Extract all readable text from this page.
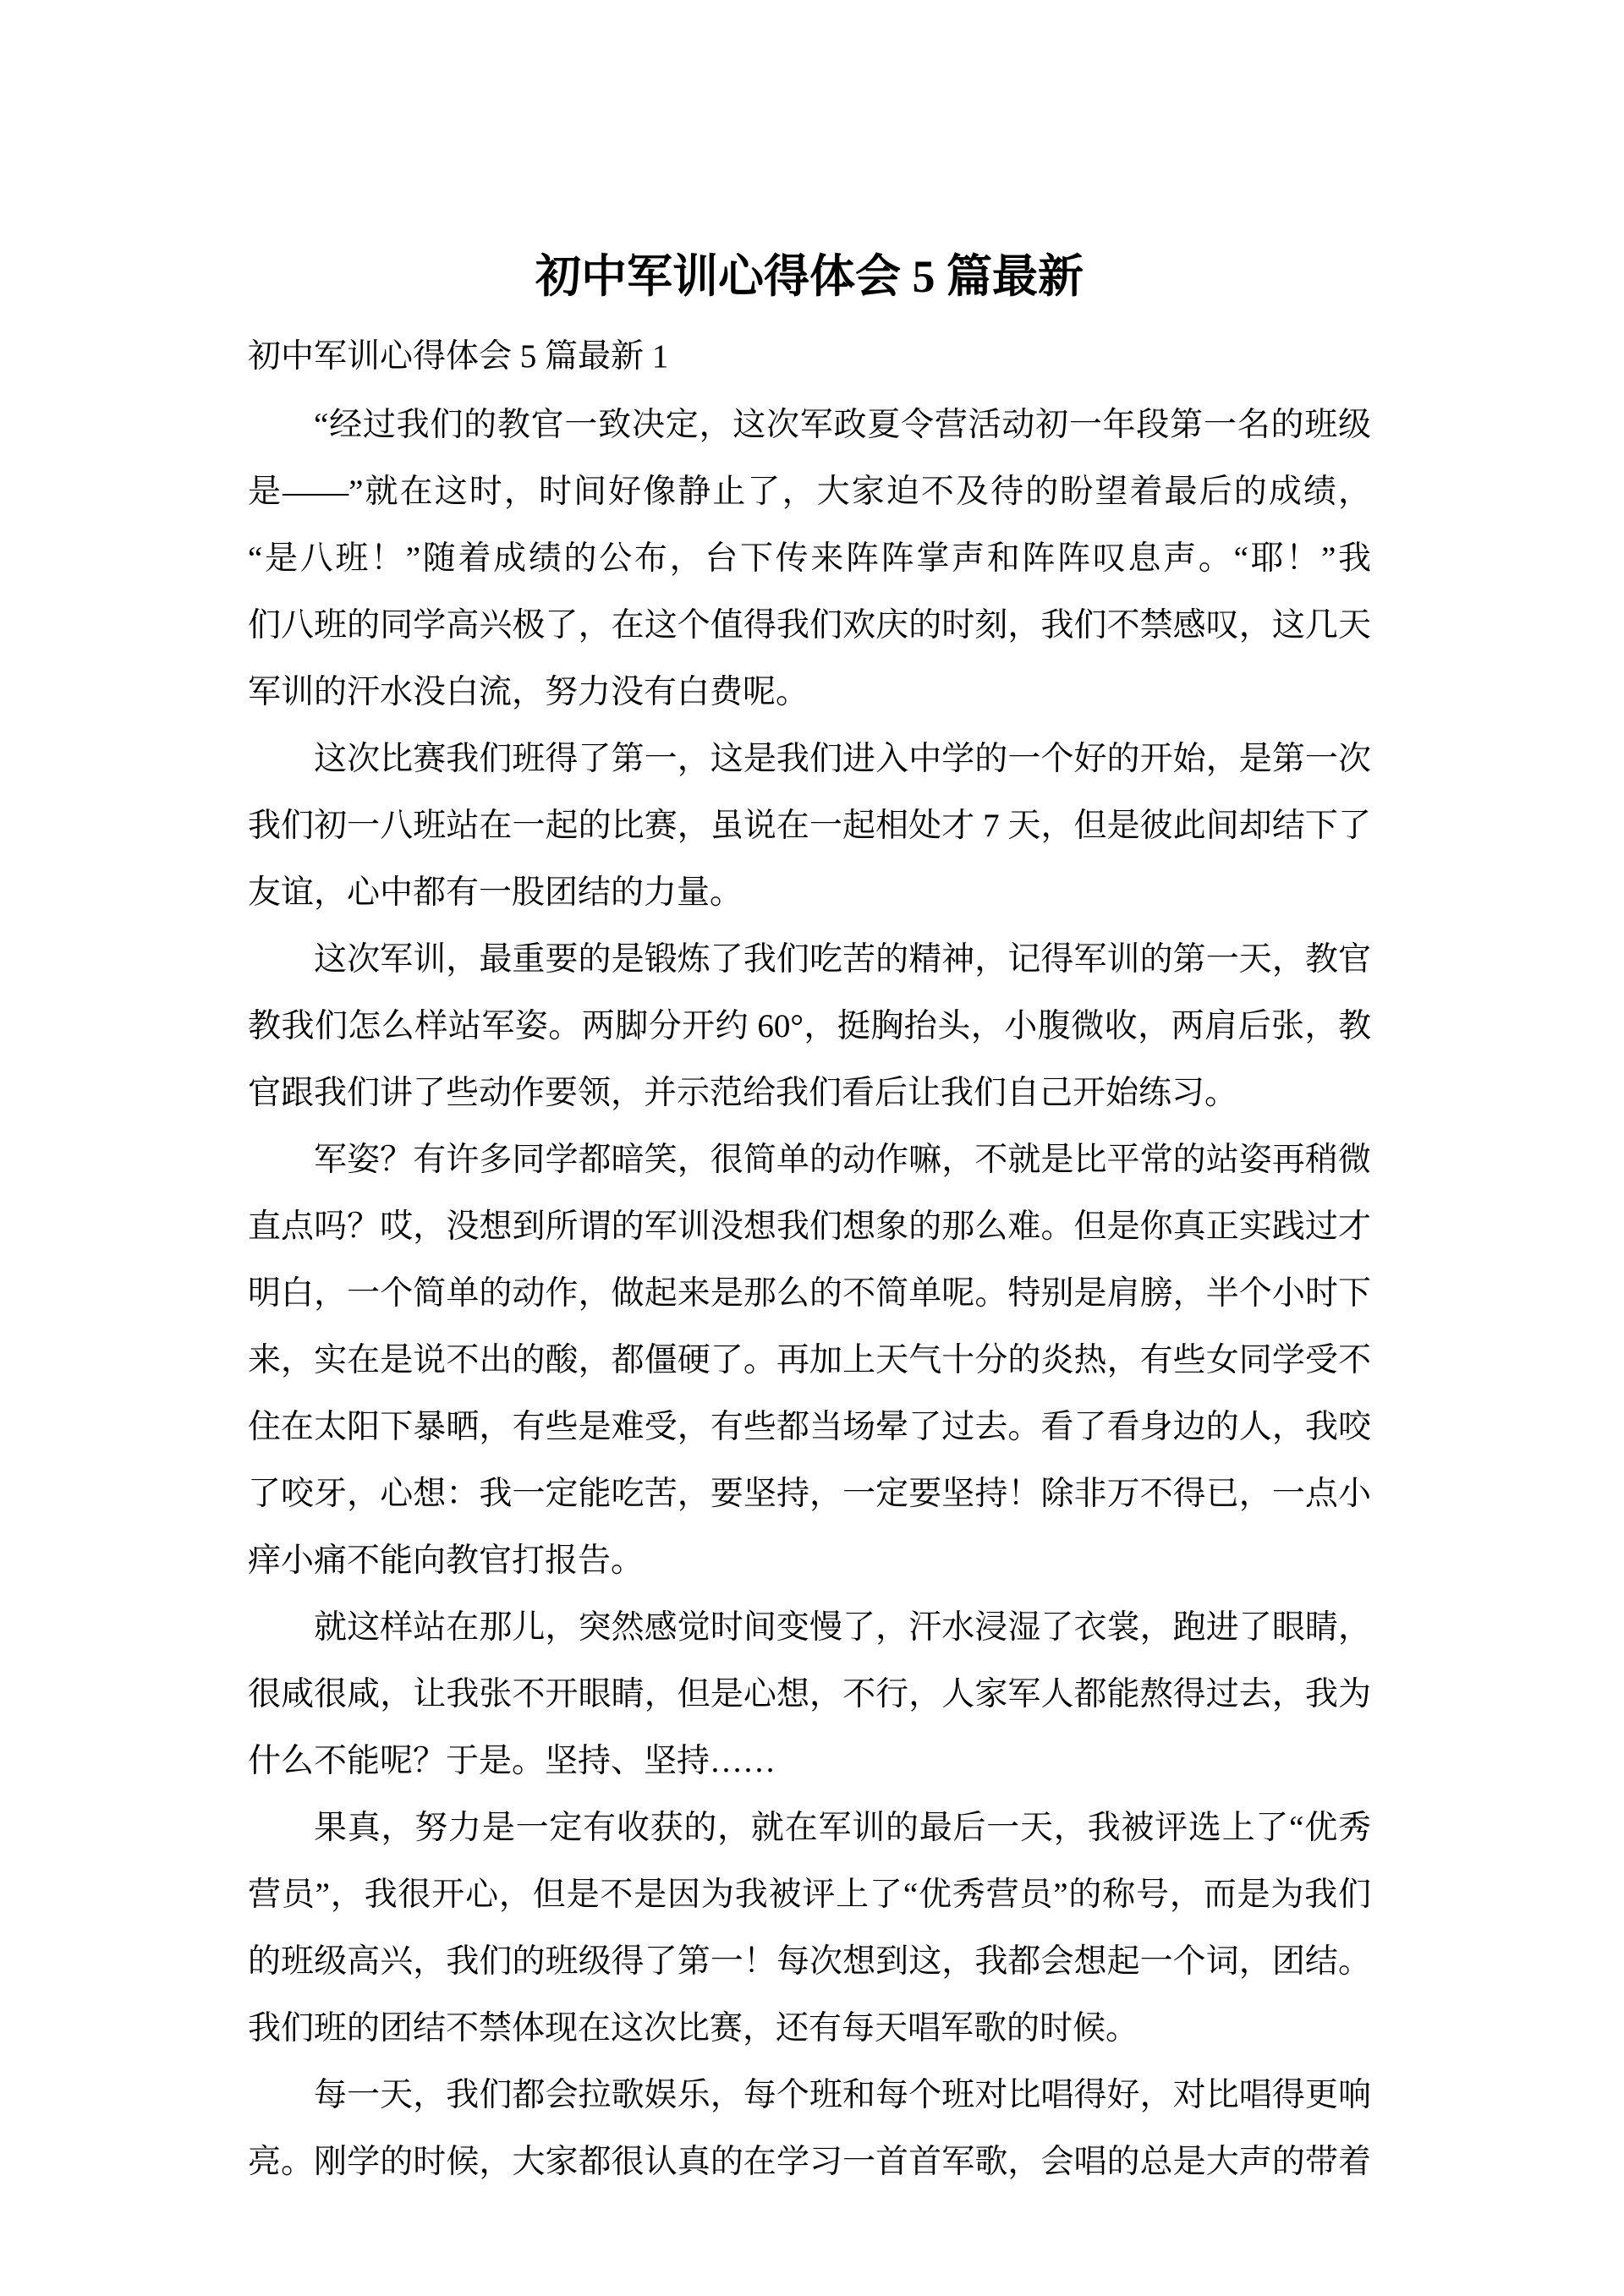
初中军训心得体会 5 篇最新
初中军训心得体会 5 篇最新 1
“经过我们的教官一致决定，这次军政夏令营活动初一年段第一名的班级
是——”就在这时，时间好像静止了，大家迫不及待的盼望着最后的成绩，
“是八班！”随着成绩的公布，台下传来阵阵掌声和阵阵叹息声。“耶！”我
们八班的同学高兴极了，在这个值得我们欢庆的时刻，我们不禁感叹，这几天
军训的汗水没白流，努力没有白费呢。
这次比赛我们班得了第一，这是我们进入中学的一个好的开始，是第一次
我们初一八班站在一起的比赛，虽说在一起相处才 7 天，但是彼此间却结下了
友谊，心中都有一股团结的力量。
这次军训，最重要的是锻炼了我们吃苦的精神，记得军训的第一天，教官
教我们怎么样站军姿。两脚分开约 60°，挺胸抬头，小腹微收，两肩后张，教
官跟我们讲了些动作要领，并示范给我们看后让我们自己开始练习。
军姿？有许多同学都暗笑，很简单的动作嘛，不就是比平常的站姿再稍微
直点吗？哎，没想到所谓的军训没想我们想象的那么难。但是你真正实践过才
明白，一个简单的动作，做起来是那么的不简单呢。特别是肩膀，半个小时下
来，实在是说不出的酸，都僵硬了。再加上天气十分的炎热，有些女同学受不
住在太阳下暴晒，有些是难受，有些都当场晕了过去。看了看身边的人，我咬
了咬牙，心想：我一定能吃苦，要坚持，一定要坚持！除非万不得已，一点小
痒小痛不能向教官打报告。
就这样站在那儿，突然感觉时间变慢了，汗水浸湿了衣裳，跑进了眼睛，
很咸很咸，让我张不开眼睛，但是心想，不行，人家军人都能熬得过去，我为
什么不能呢？于是。坚持、坚持……
果真，努力是一定有收获的，就在军训的最后一天，我被评选上了“优秀
营员”，我很开心，但是不是因为我被评上了“优秀营员”的称号，而是为我们
的班级高兴，我们的班级得了第一！每次想到这，我都会想起一个词，团结。
我们班的团结不禁体现在这次比赛，还有每天唱军歌的时候。
每一天，我们都会拉歌娱乐，每个班和每个班对比唱得好，对比唱得更响
亮。刚学的时候，大家都很认真的在学习一首首军歌，会唱的总是大声的带着
